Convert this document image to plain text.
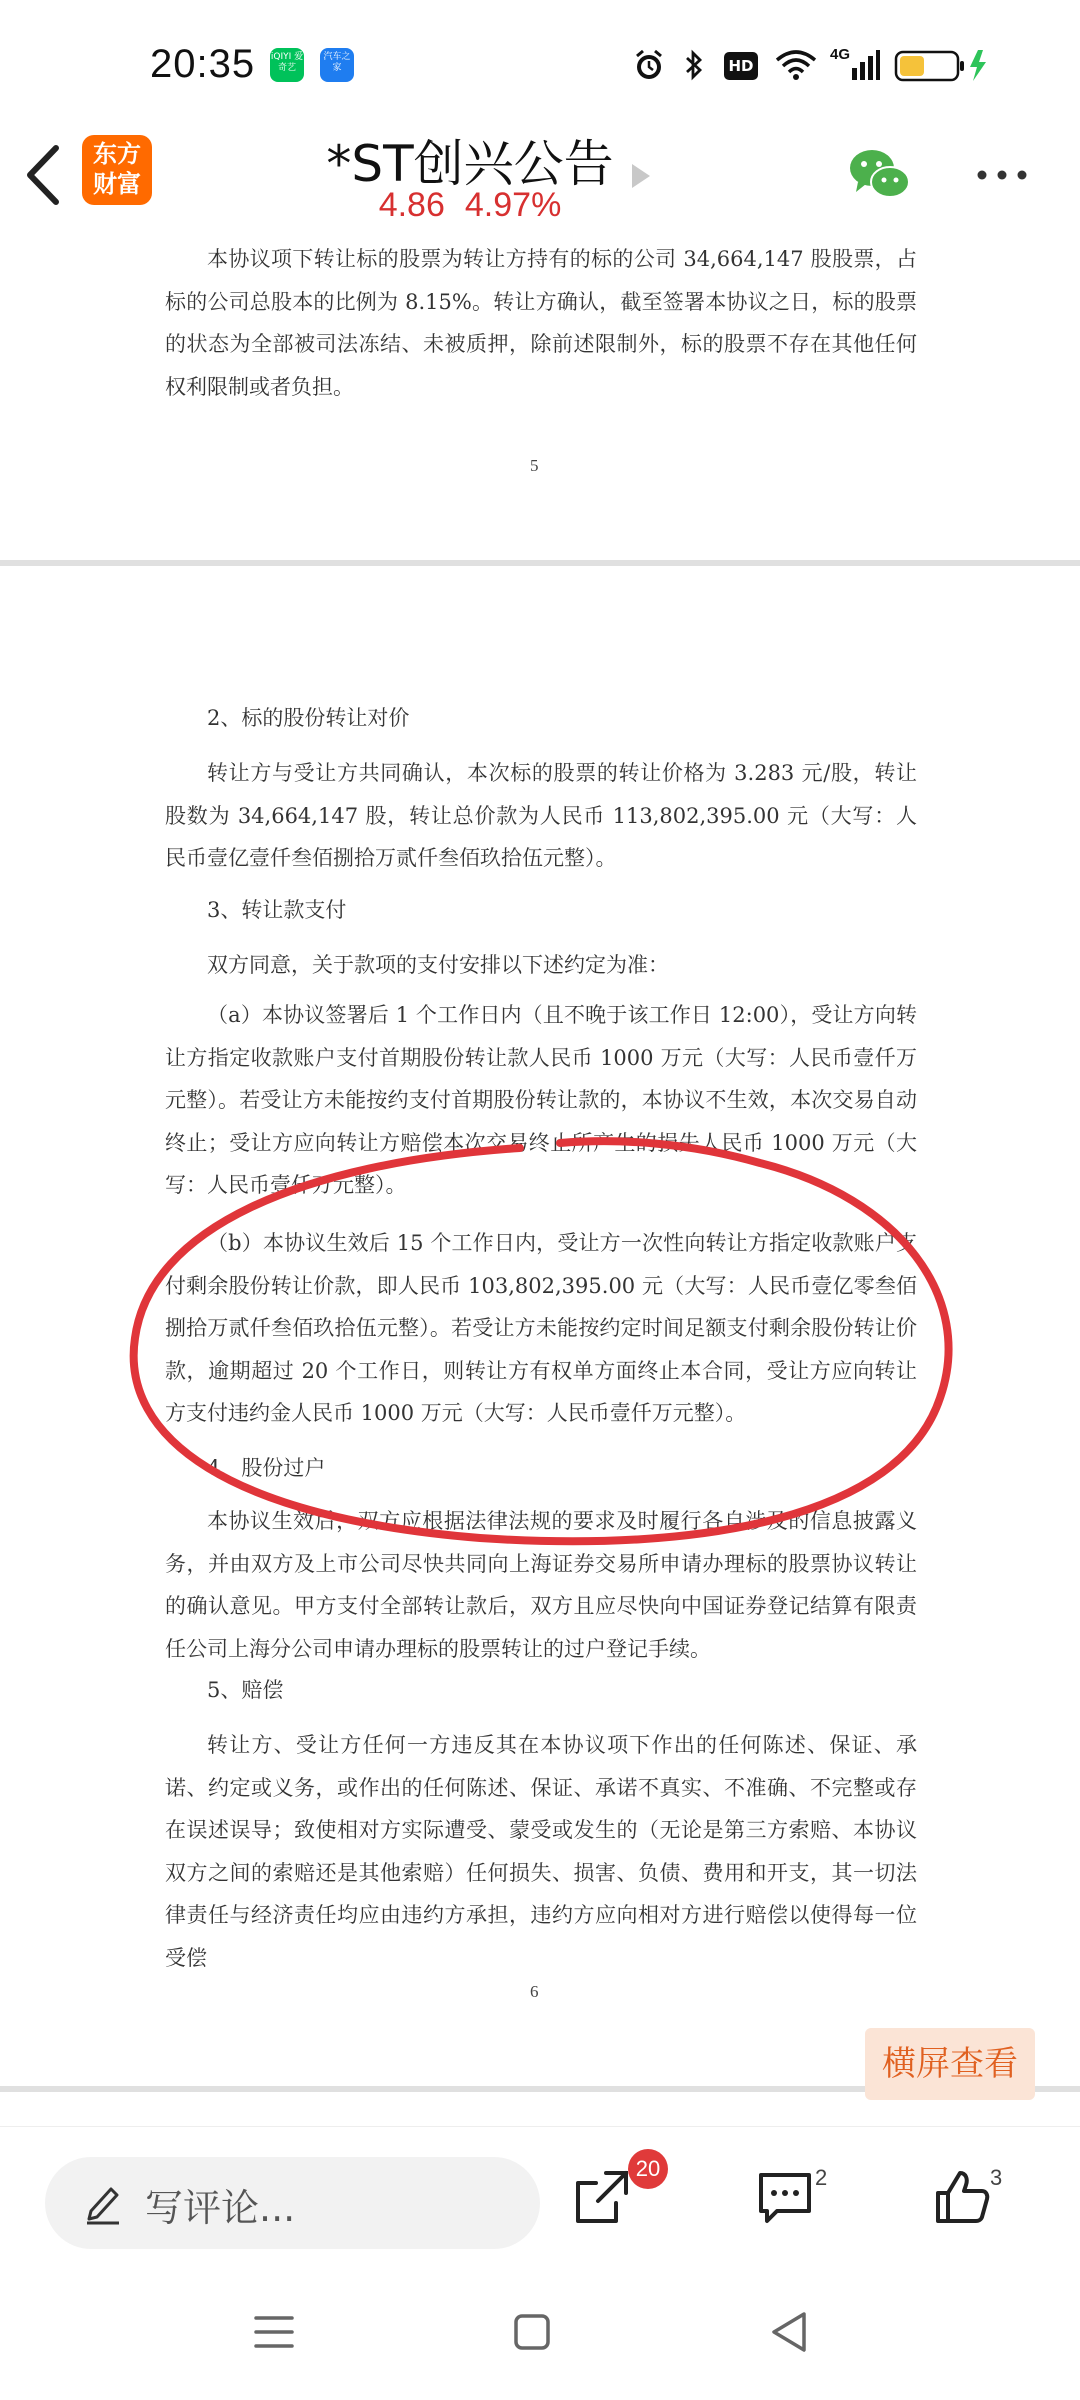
20:35 iQIYI 爱奇艺
汽车之家	HD
4G
东方财富	*ST创兴公告
4.86 4.97%
本协议项下转让标的股票为转让方持有的标的公司 34,664,147 股股票，占标的公司总股本的比例为 8.15%。转让方确认，截至签署本协议之日，标的股票的状态为全部被司法冻结、未被质押，除前述限制外，标的股票不存在其他任何权利限制或者负担。
5
2、标的股份转让对价
转让方与受让方共同确认，本次标的股票的转让价格为 3.283 元/股，转让股数为 34,664,147 股，转让总价款为人民币 113,802,395.00 元（大写：人民币壹亿壹仟叁佰捌拾万贰仟叁佰玖拾伍元整）。
3、转让款支付
双方同意，关于款项的支付安排以下述约定为准：
（a）本协议签署后 1 个工作日内（且不晚于该工作日 12:00），受让方向转让方指定收款账户支付首期股份转让款人民币 1000 万元（大写：人民币壹仟万元整）。若受让方未能按约支付首期股份转让款的，本协议不生效，本次交易自动终止；受让方应向转让方赔偿本次交易终止所产生的损失人民币 1000 万元（大写：人民币壹仟万元整）。
（b）本协议生效后 15 个工作日内，受让方一次性向转让方指定收款账户支付剩余股份转让价款，即人民币 103,802,395.00 元（大写：人民币壹亿零叁佰捌拾万贰仟叁佰玖拾伍元整）。若受让方未能按约定时间足额支付剩余股份转让价款，逾期超过 20 个工作日，则转让方有权单方面终止本合同，受让方应向转让方支付违约金人民币 1000 万元（大写：人民币壹仟万元整）。
4、股份过户
本协议生效后，双方应根据法律法规的要求及时履行各自涉及的信息披露义务，并由双方及上市公司尽快共同向上海证券交易所申请办理标的股票协议转让的确认意见。甲方支付全部转让款后，双方且应尽快向中国证券登记结算有限责任公司上海分公司申请办理标的股票转让的过户登记手续。
5、赔偿
转让方、受让方任何一方违反其在本协议项下作出的任何陈述、保证、承诺、约定或义务，或作出的任何陈述、保证、承诺不真实、不准确、不完整或存在误述误导；致使相对方实际遭受、蒙受或发生的（无论是第三方索赔、本协议双方之间的索赔还是其他索赔）任何损失、损害、负债、费用和开支，其一切法律责任与经济责任均应由违约方承担，违约方应向相对方进行赔偿以使得每一位受偿
6
横屏查看
写评论...
20	2	3
